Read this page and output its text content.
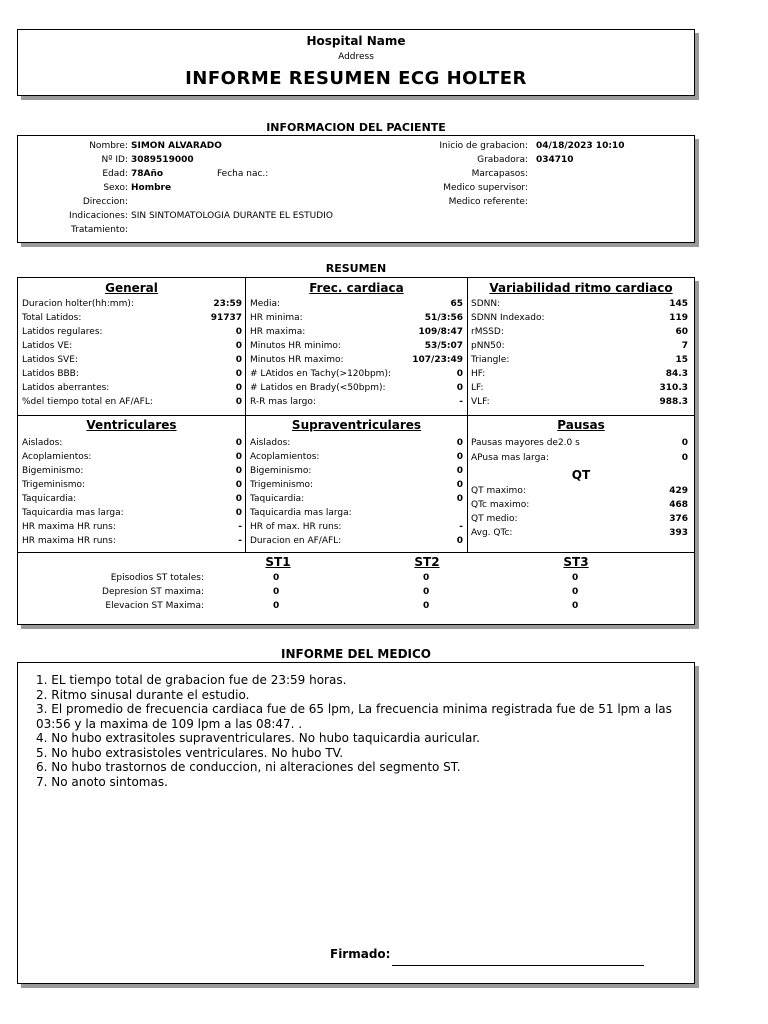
Hospital Name
Address
INFORME RESUMEN ECG HOLTER
INFORMACION DEL PACIENTE
Nombre: SIMON ALVARADO
Nº ID: 3089519000
Edad: 78Año	Fecha nac.:
Sexo: Hombre
Direccion:
Indicaciones: SIN SINTOMATOLOGIA DURANTE EL ESTUDIO
Tratamiento:
Inicio de grabacion: 04/18/2023 10:10
Grabadora: 034710
Marcapasos:
Medico supervisor:
Medico referente:
RESUMEN
General
Duracion holter(hh:mm):	23:59
Total Latidos:	91737
Latidos regulares:	0
Latidos VE:	0
Latidos SVE:	0
Latidos BBB:	0
Latidos aberrantes:	0
%del tiempo total en AF/AFL:	0
Frec. cardiaca
Media:	65
HR minima:	51/3:56
HR maxima:	109/8:47
Minutos HR minimo:	53/5:07
Minutos HR maximo:	107/23:49
# LAtidos en Tachy(>120bpm):	0
# Latidos en Brady(<50bpm):	0
R-R mas largo:	-
Variabilidad ritmo cardiaco
SDNN:	145
SDNN Indexado:	119
rMSSD:	60
pNN50:	7
Triangle:	15
HF:	84.3
LF:	310.3
VLF:	988.3
Ventriculares
Aislados:	0
Acoplamientos:	0
Bigeminismo:	0
Trigeminismo:	0
Taquicardia:	0
Taquicardia mas larga:	0
HR maxima HR runs:	-
HR maxima HR runs:	-
Supraventriculares
Aislados:	0
Acoplamientos:	0
Bigeminismo:	0
Trigeminismo:	0
Taquicardia:	0
Taquicardia mas larga:
HR of max. HR runs:	-
Duracion en AF/AFL:	0
Pausas
Pausas mayores de2.0 s	0
APusa mas larga:	0
QT
QT maximo:	429
QTc maximo:	468
QT medio:	376
Avg. QTc:	393
ST1	ST2	ST3
Episodios ST totales:	0	0	0
Depresion ST maxima:	0	0	0
Elevacion ST Maxima:	0	0	0
INFORME DEL MEDICO
1. EL tiempo total de grabacion fue de 23:59 horas.
2. Ritmo sinusal durante el estudio.
3. El promedio de frecuencia cardiaca fue de 65 lpm, La frecuencia minima registrada fue de 51 lpm a las 03:56 y la maxima de 109 lpm a las 08:47. .
4. No hubo extrasitoles supraventriculares. No hubo taquicardia auricular.
5. No hubo extrasistoles ventriculares. No hubo TV.
6. No hubo trastornos de conduccion, ni alteraciones del segmento ST.
7. No anoto sintomas.
Firmado:
